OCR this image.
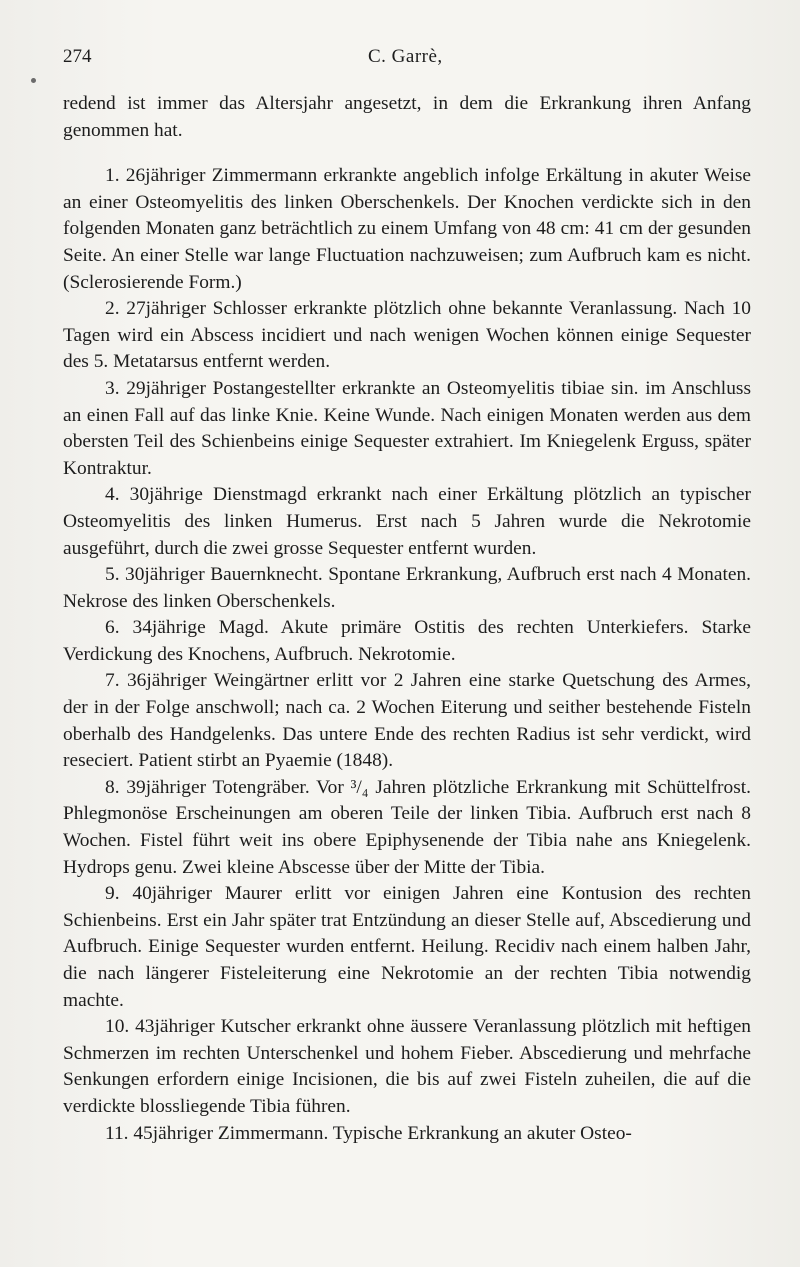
274	C. Garrè,

redend ist immer das Altersjahr angesetzt, in dem die Erkrankung ihren Anfang genommen hat.

1. 26jähriger Zimmermann erkrankte angeblich infolge Erkältung in akuter Weise an einer Osteomyelitis des linken Oberschenkels. Der Knochen verdickte sich in den folgenden Monaten ganz beträchtlich zu einem Umfang von 48 cm: 41 cm der gesunden Seite. An einer Stelle war lange Fluctuation nachzuweisen; zum Aufbruch kam es nicht. (Sclerosierende Form.)

2. 27jähriger Schlosser erkrankte plötzlich ohne bekannte Veranlassung. Nach 10 Tagen wird ein Abscess incidiert und nach wenigen Wochen können einige Sequester des 5. Metatarsus entfernt werden.

3. 29jähriger Postangestellter erkrankte an Osteomyelitis tibiae sin. im Anschluss an einen Fall auf das linke Knie. Keine Wunde. Nach einigen Monaten werden aus dem obersten Teil des Schienbeins einige Sequester extrahiert. Im Kniegelenk Erguss, später Kontraktur.

4. 30jährige Dienstmagd erkrankt nach einer Erkältung plötzlich an typischer Osteomyelitis des linken Humerus. Erst nach 5 Jahren wurde die Nekrotomie ausgeführt, durch die zwei grosse Sequester entfernt wurden.

5. 30jähriger Bauernknecht. Spontane Erkrankung, Aufbruch erst nach 4 Monaten. Nekrose des linken Oberschenkels.

6. 34jährige Magd. Akute primäre Ostitis des rechten Unterkiefers. Starke Verdickung des Knochens, Aufbruch. Nekrotomie.

7. 36jähriger Weingärtner erlitt vor 2 Jahren eine starke Quetschung des Armes, der in der Folge anschwoll; nach ca. 2 Wochen Eiterung und seither bestehende Fisteln oberhalb des Handgelenks. Das untere Ende des rechten Radius ist sehr verdickt, wird reseciert. Patient stirbt an Pyaemie (1848).

8. 39jähriger Totengräber. Vor ³/₄ Jahren plötzliche Erkrankung mit Schüttelfrost. Phlegmonöse Erscheinungen am oberen Teile der linken Tibia. Aufbruch erst nach 8 Wochen. Fistel führt weit ins obere Epiphysenende der Tibia nahe ans Kniegelenk. Hydrops genu. Zwei kleine Abscesse über der Mitte der Tibia.

9. 40jähriger Maurer erlitt vor einigen Jahren eine Kontusion des rechten Schienbeins. Erst ein Jahr später trat Entzündung an dieser Stelle auf, Abscedierung und Aufbruch. Einige Sequester wurden entfernt. Heilung. Recidiv nach einem halben Jahr, die nach längerer Fisteleiterung eine Nekrotomie an der rechten Tibia notwendig machte.

10. 43jähriger Kutscher erkrankt ohne äussere Veranlassung plötzlich mit heftigen Schmerzen im rechten Unterschenkel und hohem Fieber. Abscedierung und mehrfache Senkungen erfordern einige Incisionen, die bis auf zwei Fisteln zuheilen, die auf die verdickte blossliegende Tibia führen.

11. 45jähriger Zimmermann. Typische Erkrankung an akuter Osteo-
